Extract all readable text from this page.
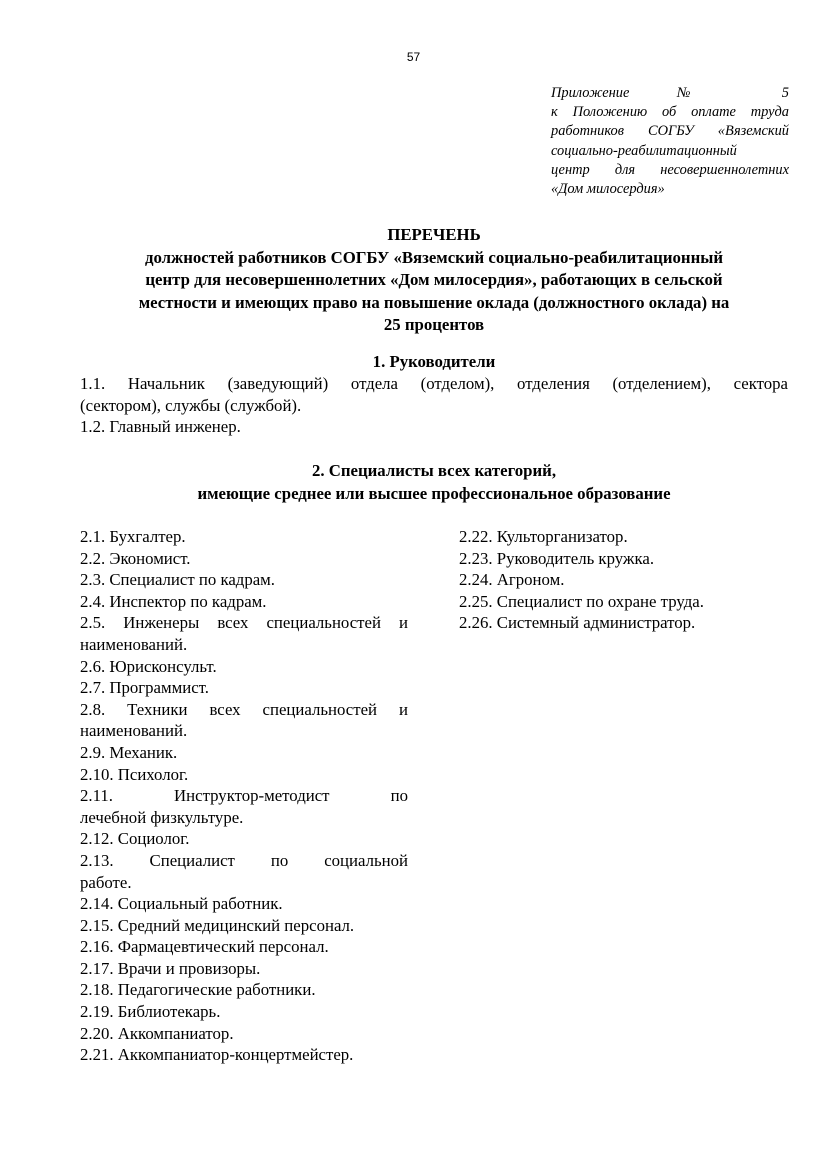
57
Приложение № 5
к Положению об оплате труда
работников СОГБУ «Вяземский
социально-реабилитационный
центр для несовершеннолетних
«Дом милосердия»
ПЕРЕЧЕНЬ
должностей работников СОГБУ «Вяземский социально-реабилитационный
центр для несовершеннолетних «Дом милосердия», работающих в сельской
местности и имеющих право на повышение оклада (должностного оклада) на
25 процентов
1. Руководители
1.1. Начальник (заведующий) отдела (отделом), отделения (отделением), сектора
(сектором), службы (службой).
1.2. Главный инженер.
2. Специалисты всех категорий,
имеющие среднее или высшее профессиональное образование
2.1. Бухгалтер.
2.2. Экономист.
2.3. Специалист по кадрам.
2.4. Инспектор по кадрам.
2.5. Инженеры всех специальностей и
наименований.
2.6. Юрисконсульт.
2.7. Программист.
2.8. Техники всех специальностей и
наименований.
2.9. Механик.
2.10. Психолог.
2.11. Инструктор-методист по
лечебной физкультуре.
2.12. Социолог.
2.13. Специалист по социальной
работе.
2.14. Социальный работник.
2.15. Средний медицинский персонал.
2.16. Фармацевтический персонал.
2.17. Врачи и провизоры.
2.18. Педагогические работники.
2.19. Библиотекарь.
2.20. Аккомпаниатор.
2.21. Аккомпаниатор-концертмейстер.
2.22. Культорганизатор.
2.23. Руководитель кружка.
2.24. Агроном.
2.25. Специалист по охране труда.
2.26. Системный администратор.
